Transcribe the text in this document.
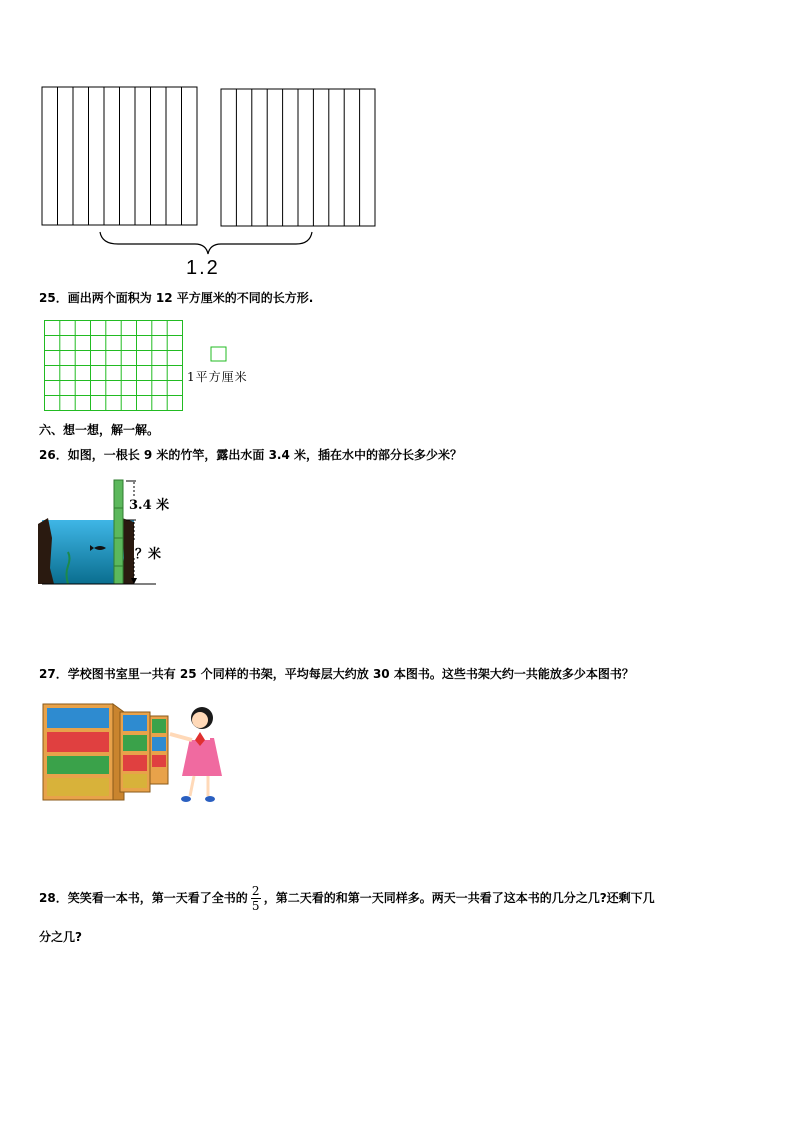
1.2
25．画出两个面积为 12 平方厘米的不同的长方形.
1平方厘米
六、想一想，解一解。
26．如图，一根长 9 米的竹竿，露出水面 3.4 米，插在水中的部分长多少米？
3.4 米
？米
27．学校图书室里一共有 25 个同样的书架，平均每层大约放 30 本图书。这些书架大约一共能放多少本图书？
28．笑笑看一本书，第一天看了全书的 $\frac{2}{5}$ ，第二天看的和第一天同样多。两天一共看了这本书的几分之几?还剩下几
分之几?
